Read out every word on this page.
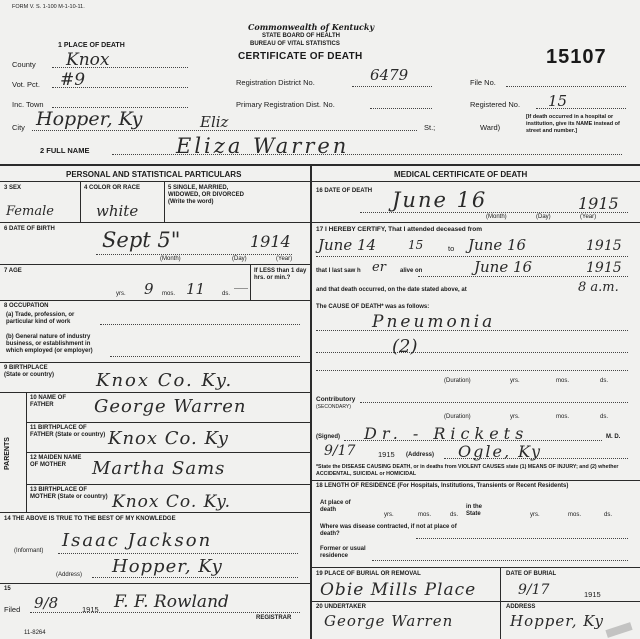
FORM V. S. 1-100 M-1-10-11.
Commonwealth of Kentucky
STATE BOARD OF HEALTH
BUREAU OF VITAL STATISTICS
CERTIFICATE OF DEATH	15107
1 PLACE OF DEATH
County Knox
Vot. Pct. #9
Inc. Town
City Hopper, Ky	Eliz	St.;	Ward)
[If death occurred in a hospital or institution, give its NAME instead of street and number.]
Registration District No.	6479
Primary Registration Dist. No.
File No.
Registered No. 15
2 FULL NAME	Eliza Warren
PERSONAL AND STATISTICAL PARTICULARS	MEDICAL CERTIFICATE OF DEATH
3 SEX
Female
4 COLOR OR RACE
white
5 SINGLE, MARRIED, WIDOWED, OR DIVORCED (Write the word)
6 DATE OF BIRTH Sept 5"	1914
(Month)	(Day)	(Year)
7 AGE
9
yrs.	11
mos.	ds.
If LESS than 1 day hrs. or min.?
8 OCCUPATION
(a) Trade, profession, or particular kind of work
(b) General nature of industry business, or establishment in which employed (or employer)
9 BIRTHPLACE (State or country)	Knox Co. Ky.
PARENTS
10 NAME OF FATHER	George Warren
11 BIRTHPLACE OF FATHER (State or country) Knox Co. Ky
12 MAIDEN NAME OF MOTHER	Martha Sams
13 BIRTHPLACE OF MOTHER (State or country) Knox Co. Ky.
14 THE ABOVE IS TRUE TO THE BEST OF MY KNOWLEDGE
Isaac Jackson
(Informant)
Hopper, Ky
(Address)
15
Filed 9/8	1915 F. F. Rowland
REGISTRAR
11-8264
16 DATE OF DEATH June 16	1915
(Month)	(Day)	(Year)
17 I HEREBY CERTIFY, That I attended deceased from
June 14	15	to June 16	1915
that I last saw h er alive on	June 16	1915
and that death occurred, on the date stated above, at	8 a.m.
The CAUSE OF DEATH* was as follows:
Pneumonia
(2)
(Duration)	yrs.	mos.	ds.
Contributory
(SECONDARY)
(Duration)	yrs.	mos.	ds.
(Signed) Dr. - Rickets	M. D.
9/17	1915 (Address) Ogle, Ky
*State the DISEASE CAUSING DEATH, or in deaths from VIOLENT CAUSES state (1) MEANS OF INJURY; and (2) whether ACCIDENTAL, SUICIDAL or HOMICIDAL
18 LENGTH OF RESIDENCE (For Hospitals, Institutions, Transients or Recent Residents)
At place of death
yrs.	mos.	ds.
in the State	yrs.	mos.	ds.
Where was disease contracted, if not at place of death?
Former or usual residence
19 PLACE OF BURIAL OR REMOVAL
Obie Mills Place
DATE OF BURIAL
9/17	1915
20 UNDERTAKER
George Warren
ADDRESS
Hopper, Ky
